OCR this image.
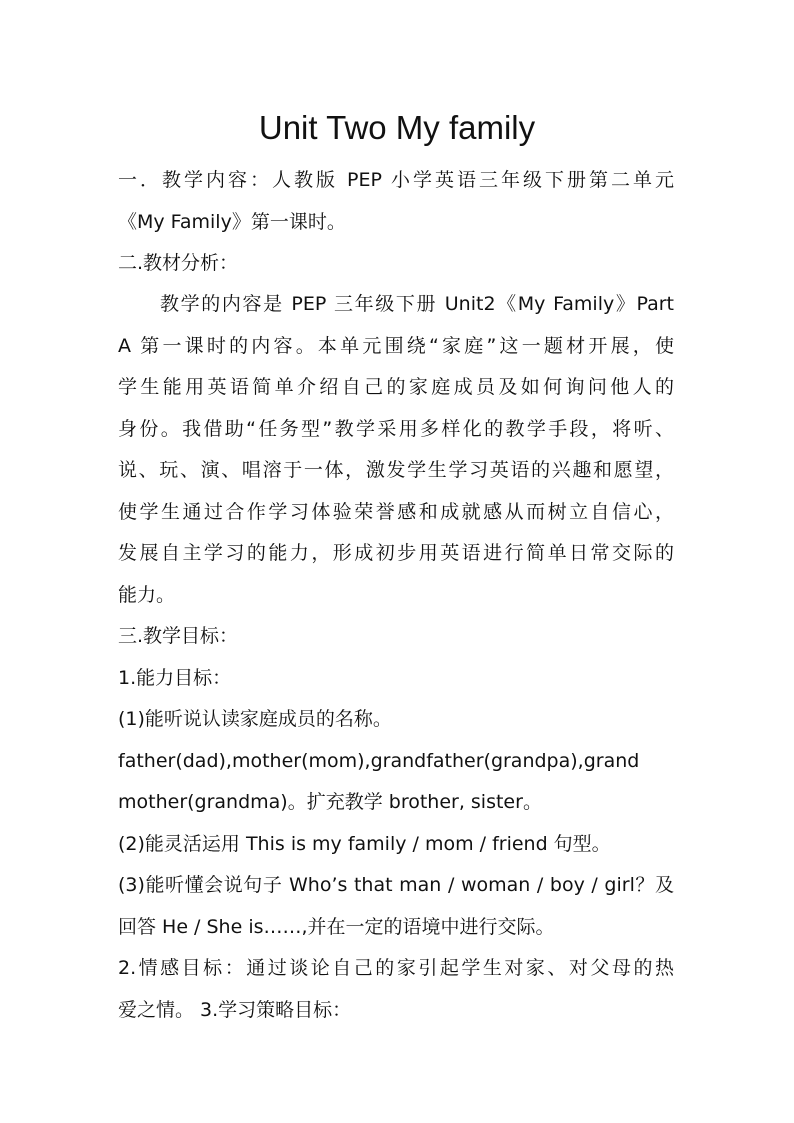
Unit Two My family
一．教学内容：人教版 PEP 小学英语三年级下册第二单元
《My Family》第一课时。
二.教材分析：
教学的内容是 PEP 三年级下册 Unit2《My Family》Part
A 第一课时的内容。本单元围绕“家庭”这一题材开展，使
学生能用英语简单介绍自己的家庭成员及如何询问他人的
身份。我借助“任务型”教学采用多样化的教学手段，将听、
说、玩、演、唱溶于一体，激发学生学习英语的兴趣和愿望，
使学生通过合作学习体验荣誉感和成就感从而树立自信心，
发展自主学习的能力，形成初步用英语进行简单日常交际的
能力。
三.教学目标：
1.能力目标：
(1)能听说认读家庭成员的名称。
father(dad),mother(mom),grandfather(grandpa),grand
mother(grandma)。扩充教学 brother, sister。
(2)能灵活运用 This is my family / mom / friend 句型。
(3)能听懂会说句子 Who’s that man / woman / boy / girl？及
回答 He / She is……,并在一定的语境中进行交际。
2.情感目标：通过谈论自己的家引起学生对家、对父母的热
爱之情。 3.学习策略目标：
